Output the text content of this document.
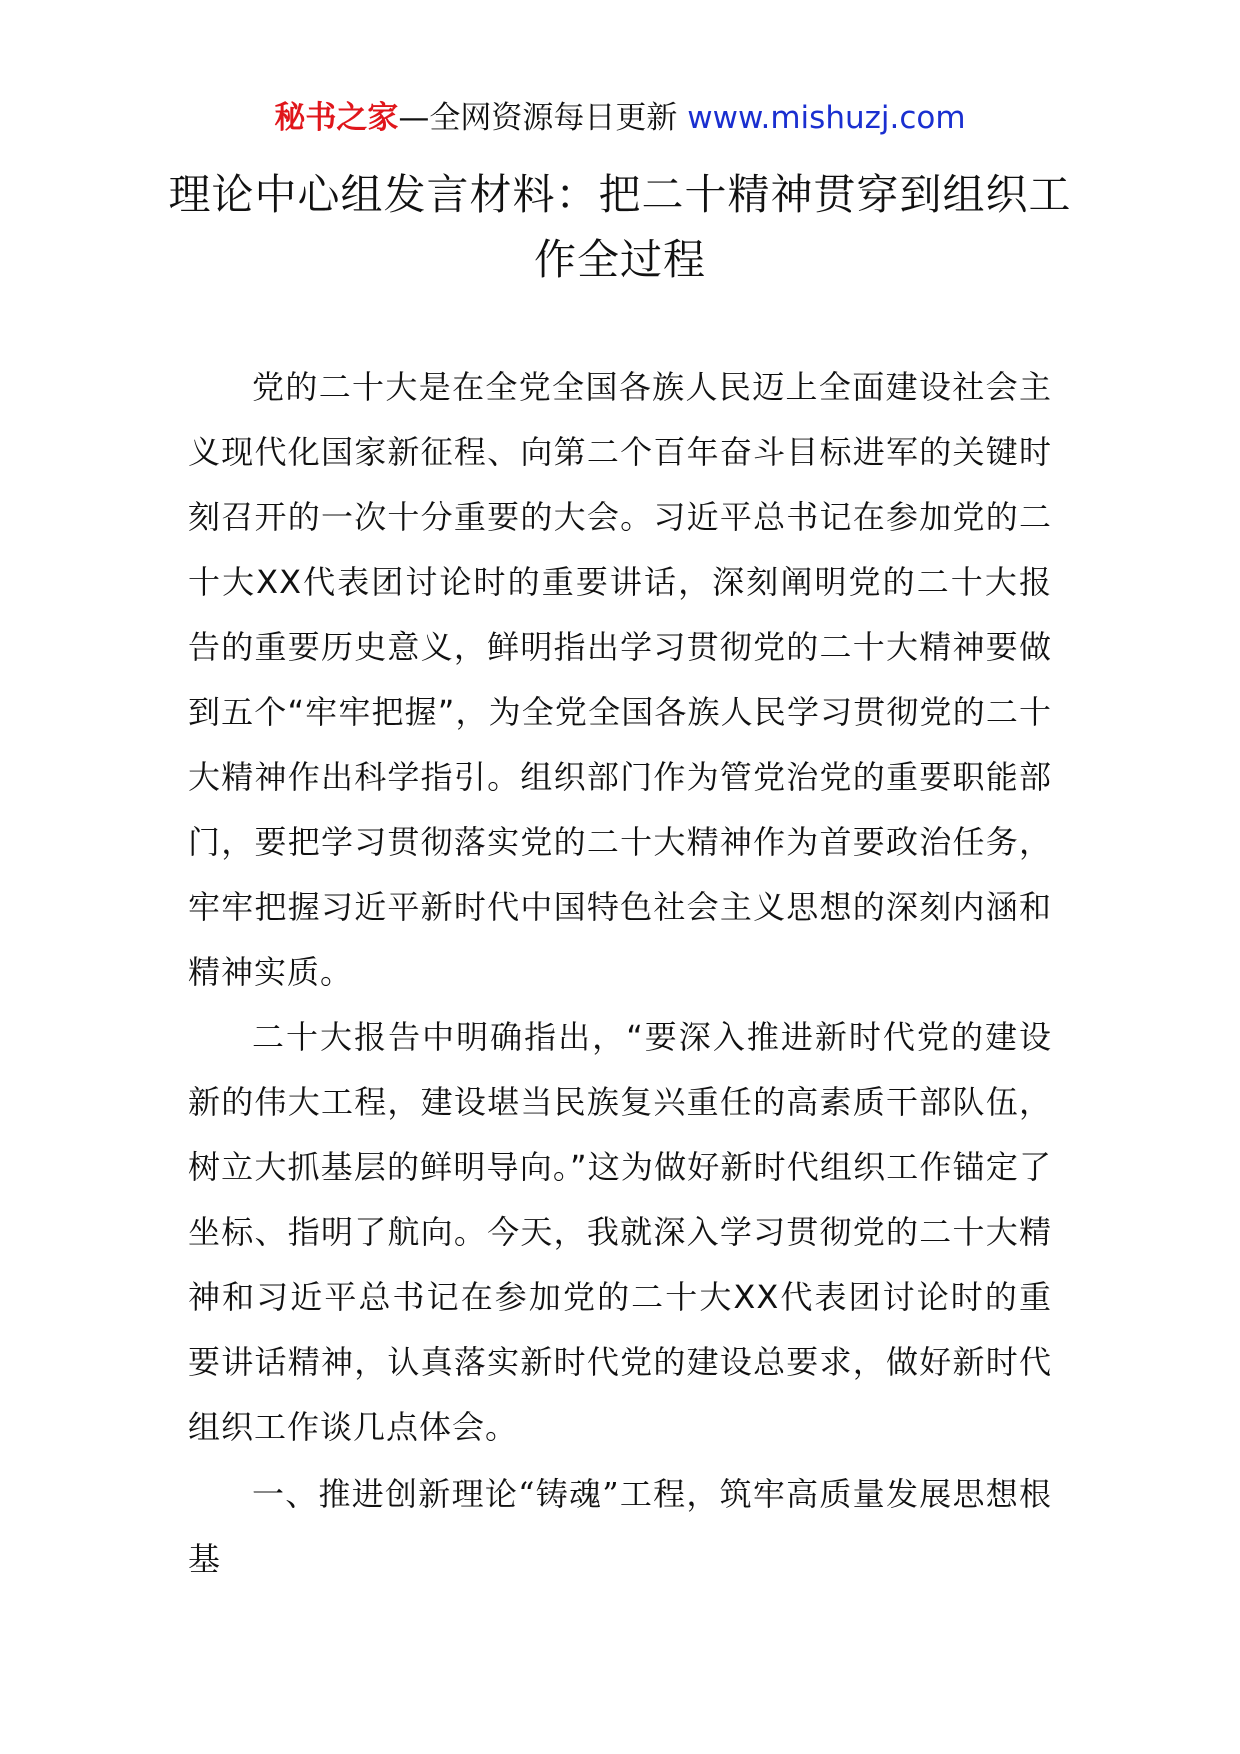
秘书之家—全网资源每日更新 www.mishuzj.com
理论中心组发言材料：把二十精神贯穿到组织工作全过程

党的二十大是在全党全国各族人民迈上全面建设社会主义现代化国家新征程、向第二个百年奋斗目标进军的关键时刻召开的一次十分重要的大会。习近平总书记在参加党的二十大XX代表团讨论时的重要讲话，深刻阐明党的二十大报告的重要历史意义，鲜明指出学习贯彻党的二十大精神要做到五个“牢牢把握”，为全党全国各族人民学习贯彻党的二十大精神作出科学指引。组织部门作为管党治党的重要职能部门，要把学习贯彻落实党的二十大精神作为首要政治任务，牢牢把握习近平新时代中国特色社会主义思想的深刻内涵和精神实质。

二十大报告中明确指出，“要深入推进新时代党的建设新的伟大工程，建设堪当民族复兴重任的高素质干部队伍，树立大抓基层的鲜明导向。”这为做好新时代组织工作锚定了坐标、指明了航向。今天，我就深入学习贯彻党的二十大精神和习近平总书记在参加党的二十大XX代表团讨论时的重要讲话精神，认真落实新时代党的建设总要求，做好新时代组织工作谈几点体会。

一、推进创新理论“铸魂”工程，筑牢高质量发展思想根基
